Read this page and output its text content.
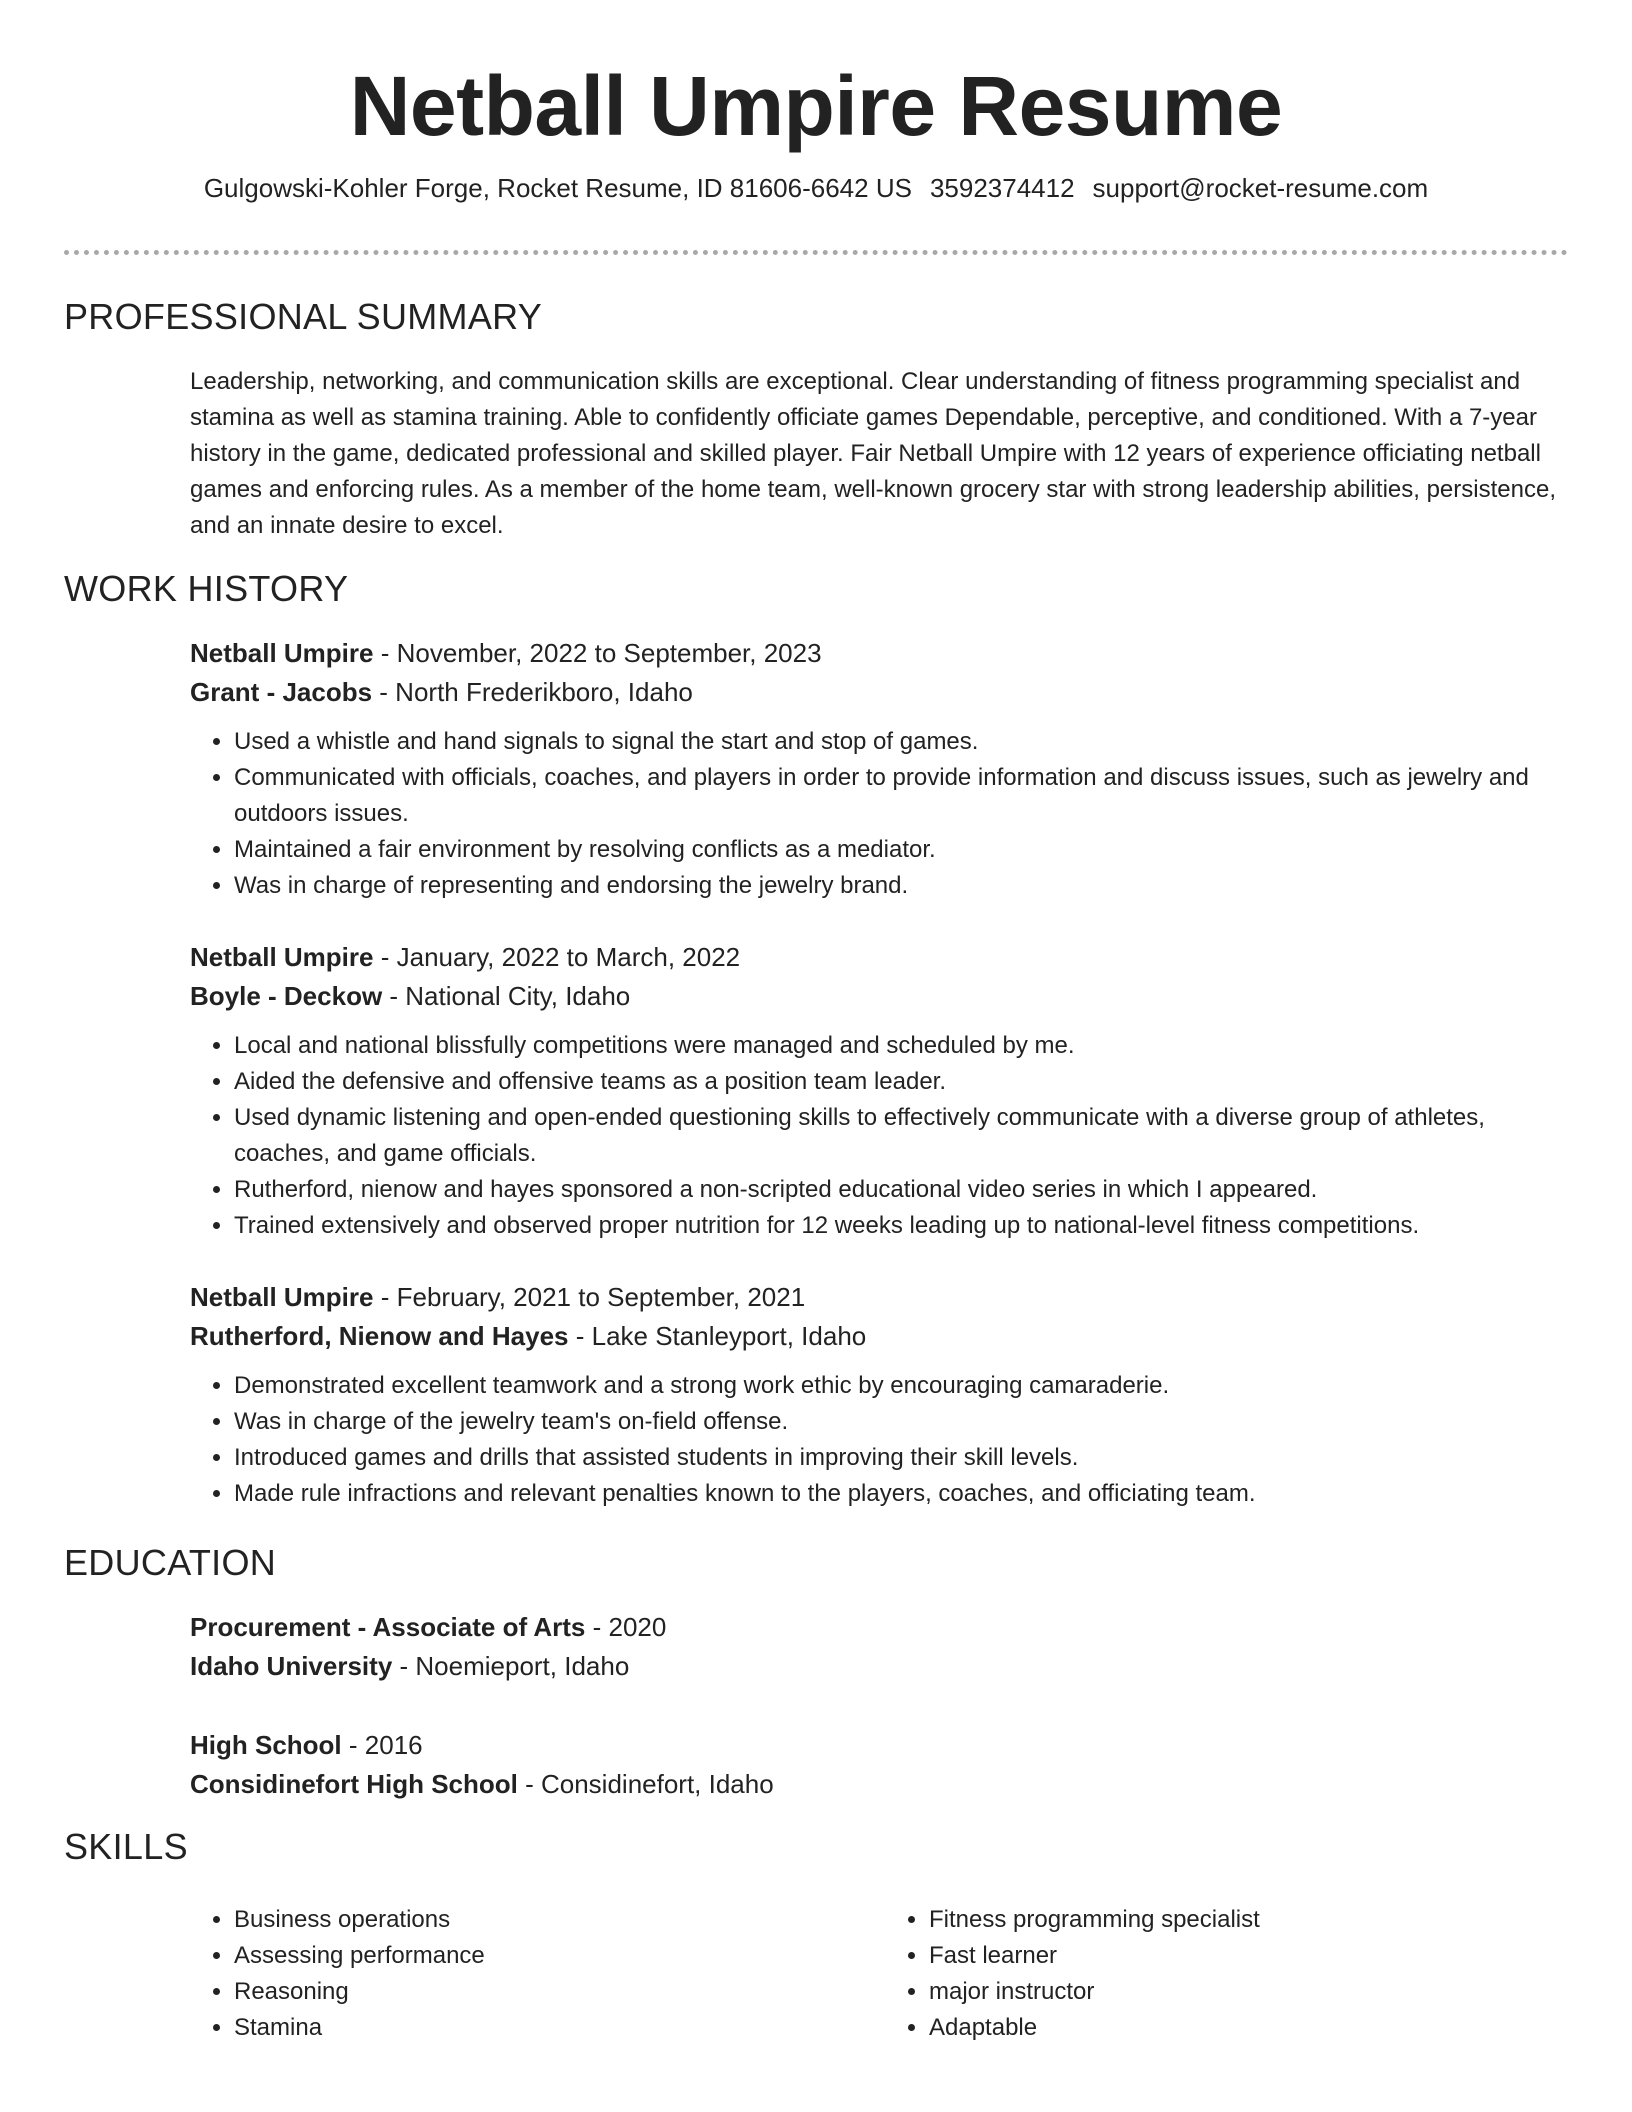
Netball Umpire Resume
Gulgowski-Kohler Forge, Rocket Resume, ID 81606-6642 US 3592374412 support@rocket-resume.com
PROFESSIONAL SUMMARY

Leadership, networking, and communication skills are exceptional. Clear understanding of fitness programming specialist and stamina as well as stamina training. Able to confidently officiate games Dependable, perceptive, and conditioned. With a 7-year history in the game, dedicated professional and skilled player. Fair Netball Umpire with 12 years of experience officiating netball games and enforcing rules. As a member of the home team, well-known grocery star with strong leadership abilities, persistence, and an innate desire to excel.

WORK HISTORY

Netball Umpire - November, 2022 to September, 2023

Grant - Jacobs - North Frederikboro, Idaho

• Used a whistle and hand signals to signal the start and stop of games.
• Communicated with officials, coaches, and players in order to provide information and discuss issues, such as jewelry and outdoors issues.
• Maintained a fair environment by resolving conflicts as a mediator.
• Was in charge of representing and endorsing the jewelry brand.

Netball Umpire - January, 2022 to March, 2022

Boyle - Deckow - National City, Idaho

• Local and national blissfully competitions were managed and scheduled by me.
• Aided the defensive and offensive teams as a position team leader.
• Used dynamic listening and open-ended questioning skills to effectively communicate with a diverse group of athletes, coaches, and game officials.
• Rutherford, nienow and hayes sponsored a non-scripted educational video series in which I appeared.
• Trained extensively and observed proper nutrition for 12 weeks leading up to national-level fitness competitions.

Netball Umpire - February, 2021 to September, 2021

Rutherford, Nienow and Hayes - Lake Stanleyport, Idaho

• Demonstrated excellent teamwork and a strong work ethic by encouraging camaraderie.
• Was in charge of the jewelry team's on-field offense.
• Introduced games and drills that assisted students in improving their skill levels.
• Made rule infractions and relevant penalties known to the players, coaches, and officiating team.
EDUCATION

Procurement - Associate of Arts - 2020

Idaho University - Noemieport, Idaho

High School - 2016

Considinefort High School - Considinefort, Idaho

SKILLS
• Business operations
• Assessing performance
• Reasoning
• Stamina
• Fitness programming specialist
• Fast learner
• major instructor
• Adaptable
